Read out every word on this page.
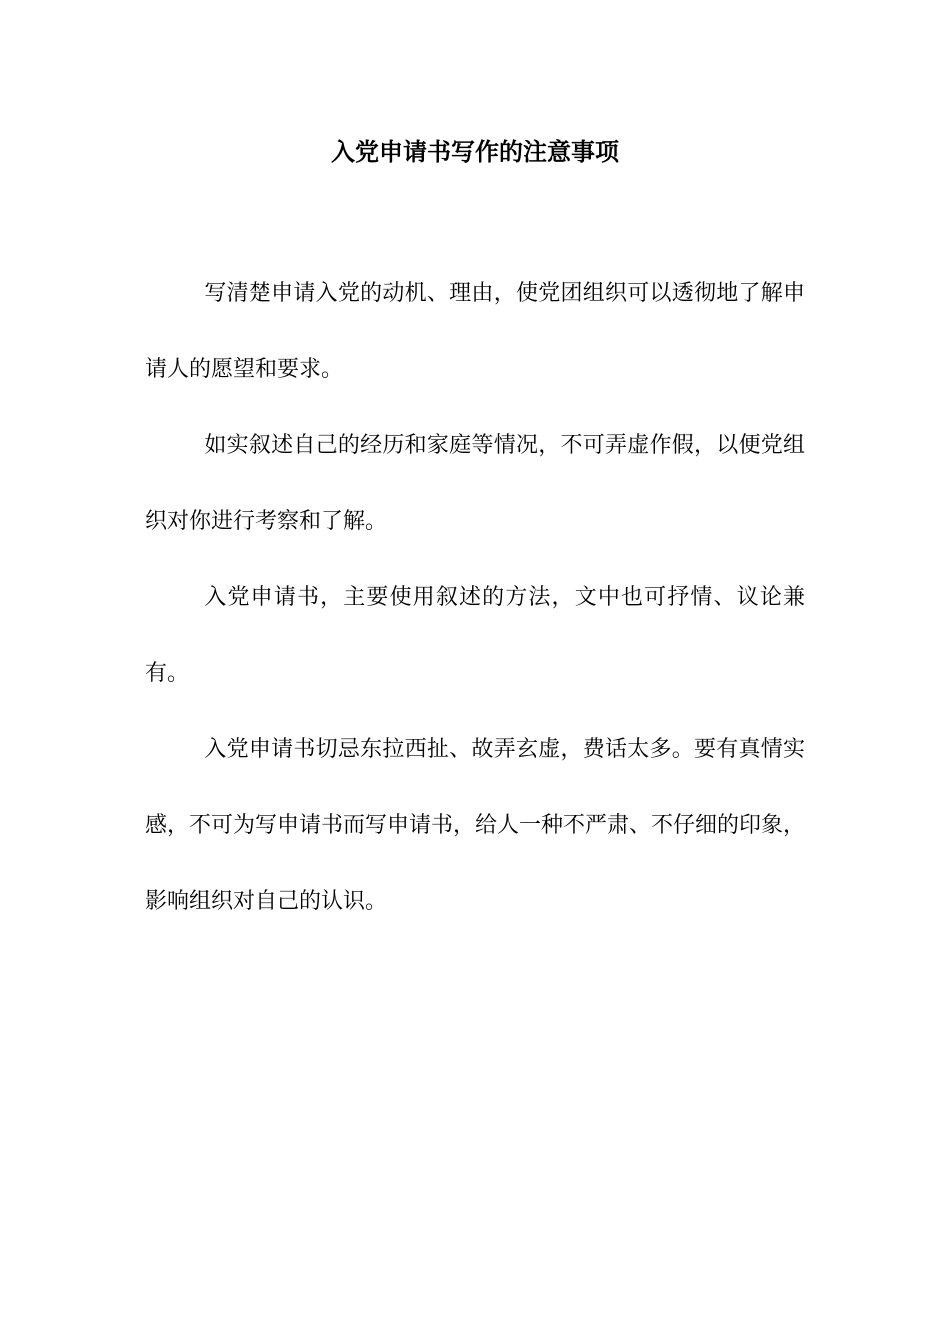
入党申请书写作的注意事项

写清楚申请入党的动机、理由，使党团组织可以透彻地了解申请人的愿望和要求。

如实叙述自己的经历和家庭等情况，不可弄虚作假，以便党组织对你进行考察和了解。

入党申请书，主要使用叙述的方法，文中也可抒情、议论兼有。

入党申请书切忌东拉西扯、故弄玄虚，费话太多。要有真情实感，不可为写申请书而写申请书，给人一种不严肃、不仔细的印象，影响组织对自己的认识。
